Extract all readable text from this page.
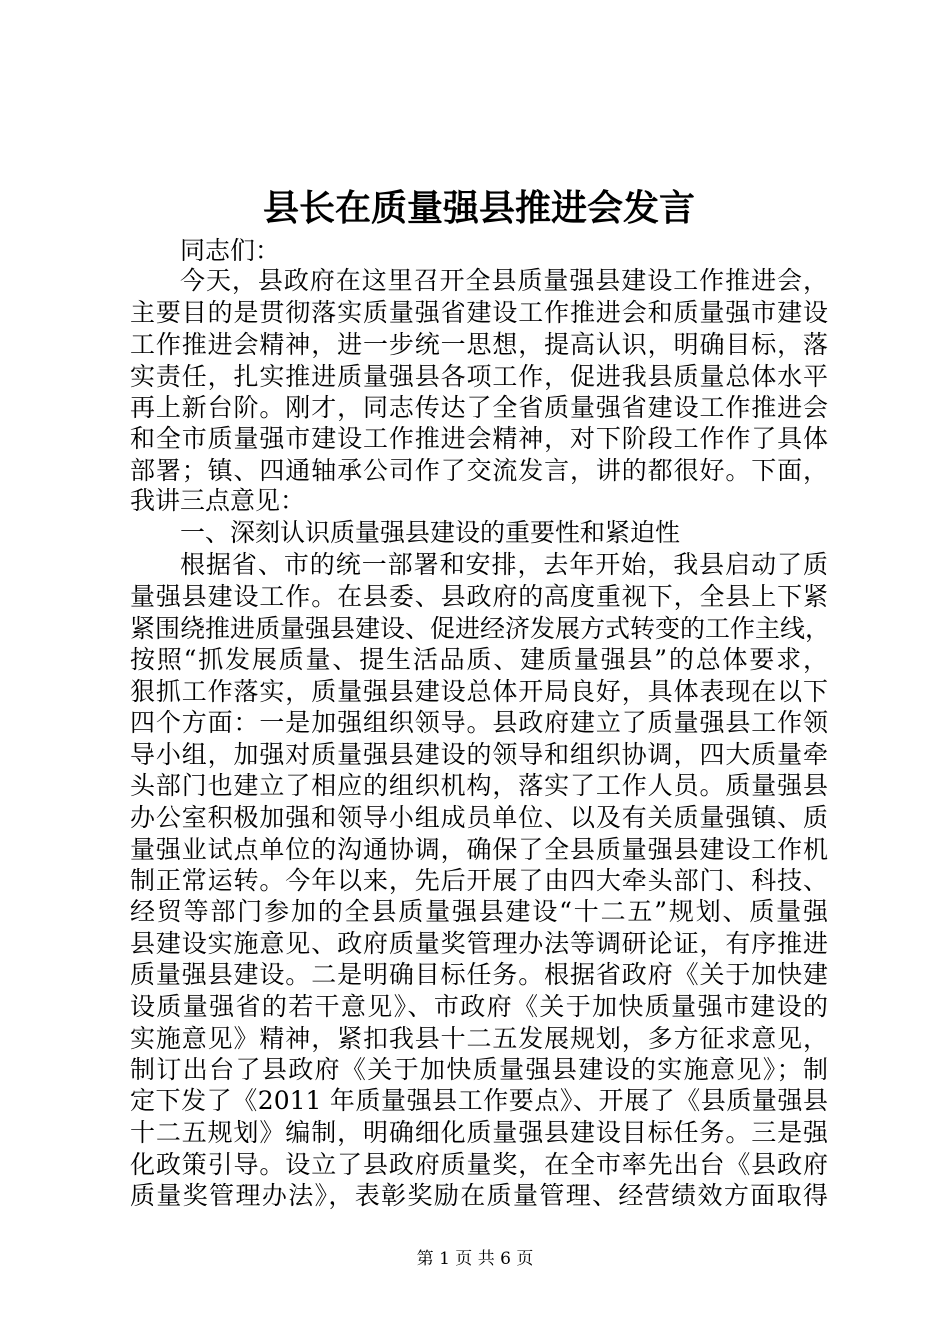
县长在质量强县推进会发言

同志们：

今天，县政府在这里召开全县质量强县建设工作推进会，

主要目的是贯彻落实质量强省建设工作推进会和质量强市建设

工作推进会精神，进一步统一思想，提高认识，明确目标，落

实责任，扎实推进质量强县各项工作，促进我县质量总体水平

再上新台阶。刚才，同志传达了全省质量强省建设工作推进会

和全市质量强市建设工作推进会精神，对下阶段工作作了具体

部署；镇、四通轴承公司作了交流发言，讲的都很好。下面，

我讲三点意见：

一、深刻认识质量强县建设的重要性和紧迫性

根据省、市的统一部署和安排，去年开始，我县启动了质

量强县建设工作。在县委、县政府的高度重视下，全县上下紧

紧围绕推进质量强县建设、促进经济发展方式转变的工作主线，

按照“抓发展质量、提生活品质、建质量强县”的总体要求，

狠抓工作落实，质量强县建设总体开局良好，具体表现在以下

四个方面：一是加强组织领导。县政府建立了质量强县工作领

导小组，加强对质量强县建设的领导和组织协调，四大质量牵

头部门也建立了相应的组织机构，落实了工作人员。质量强县

办公室积极加强和领导小组成员单位、以及有关质量强镇、质

量强业试点单位的沟通协调，确保了全县质量强县建设工作机

制正常运转。今年以来，先后开展了由四大牵头部门、科技、

经贸等部门参加的全县质量强县建设“十二五”规划、质量强

县建设实施意见、政府质量奖管理办法等调研论证，有序推进

质量强县建设。二是明确目标任务。根据省政府《关于加快建

设质量强省的若干意见》、市政府《关于加快质量强市建设的

实施意见》精神，紧扣我县十二五发展规划，多方征求意见，

制订出台了县政府《关于加快质量强县建设的实施意见》；制

定下发了《2011 年质量强县工作要点》、开展了《县质量强县

十二五规划》编制，明确细化质量强县建设目标任务。三是强

化政策引导。设立了县政府质量奖，在全市率先出台《县政府

质量奖管理办法》，表彰奖励在质量管理、经营绩效方面取得

第 1 页 共 6 页
